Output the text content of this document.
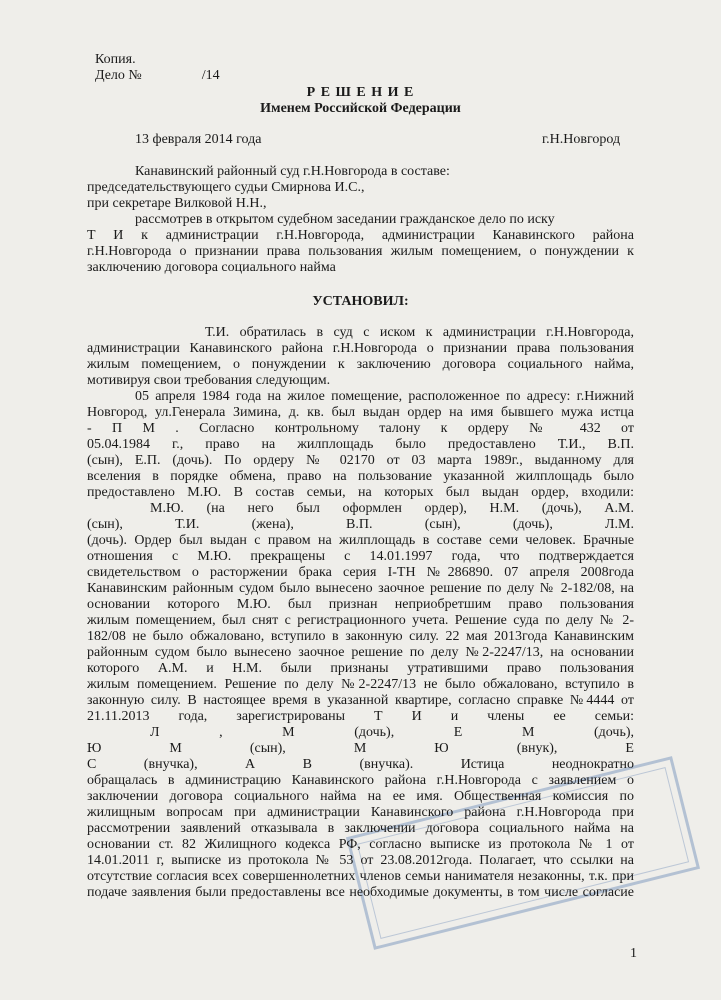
Копия.
Дело №	/14
Р Е Ш Е Н И Е
Именем Российской Федерации
13 февраля 2014 года	г.Н.Новгород
Канавинский районный суд г.Н.Новгорода в составе:
председательствующего судьи Смирнова И.С.,
при секретаре Вилковой Н.Н.,
рассмотрев в открытом судебном заседании гражданское дело по иску
Т И к администрации г.Н.Новгорода, администрации Канавинского района
г.Н.Новгорода о признании права пользования жилым помещением, о понуждении к
заключению договора социального найма
УСТАНОВИЛ:
Т.И. обратилась в суд с иском к администрации г.Н.Новгорода,
администрации Канавинского района г.Н.Новгорода о признании права пользования
жилым помещением, о понуждении к заключению договора социального найма,
мотивируя свои требования следующим.
05 апреля 1984 года на жилое помещение, расположенное по адресу: г.Нижний
Новгород, ул.Генерала Зимина, д. кв. был выдан ордер на имя бывшего мужа истца
- П М . Согласно контрольному талону к ордеру № 432 от
05.04.1984 г., право на жилплощадь было предоставлено Т.И., В.П.
(сын), Е.П. (дочь). По ордеру № 02170 от 03 марта 1989г., выданному для
вселения в порядке обмена, право на пользование указанной жилплощадь было
предоставлено М.Ю. В состав семьи, на которых был выдан ордер, входили:
М.Ю. (на него был оформлен ордер), Н.М. (дочь), А.М.
(сын), Т.И. (жена), В.П. (сын), (дочь), Л.М.
(дочь). Ордер был выдан с правом на жилплощадь в составе семи человек. Брачные
отношения с М.Ю. прекращены с 14.01.1997 года, что подтверждается
свидетельством о расторжении брака серия I-ТН №286890. 07 апреля 2008года
Канавинским районным судом было вынесено заочное решение по делу № 2-182/08, на
основании которого М.Ю. был признан неприобретшим право пользования
жилым помещением, был снят с регистрационного учета. Решение суда по делу № 2-
182/08 не было обжаловано, вступило в законную силу. 22 мая 2013года Канавинским
районным судом было вынесено заочное решение по делу №2-2247/13, на основании
которого А.М. и Н.М. были признаны утратившими право пользования
жилым помещением. Решение по делу №2-2247/13 не было обжаловано, вступило в
законную силу. В настоящее время в указанной квартире, согласно справке №4444 от
21.11.2013 года, зарегистрированы Т И и члены ее семьи:
Л , М (дочь), Е М (дочь),
Ю М (сын), М Ю (внук), Е
С (внучка), А В (внучка). Истица неоднократно
обращалась в администрацию Канавинского района г.Н.Новгорода с заявлением о
заключении договора социального найма на ее имя. Общественная комиссия по
жилищным вопросам при администрации Канавинского района г.Н.Новгорода при
рассмотрении заявлений отказывала в заключении договора социального найма на
основании ст. 82 Жилищного кодекса РФ, согласно выписке из протокола № 1 от
14.01.2011 г, выписке из протокола № 53 от 23.08.2012года. Полагает, что ссылки на
отсутствие согласия всех совершеннолетних членов семьи нанимателя незаконны, т.к. при
подаче заявления были предоставлены все необходимые документы, в том числе согласие
1
